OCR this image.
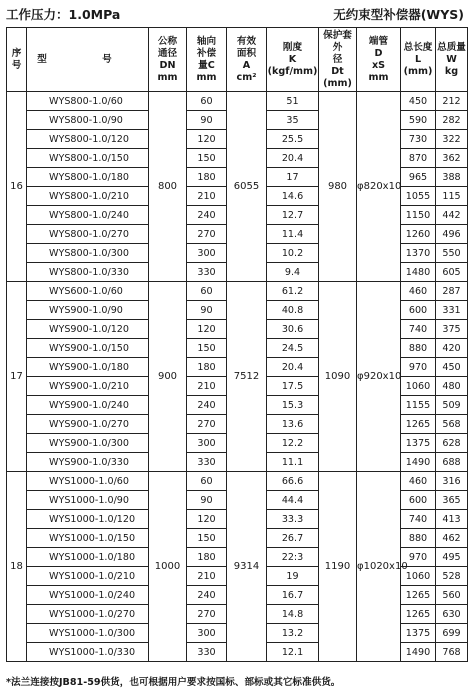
工作压力：1.0MPa	无约束型补偿器(WYS)
序
号	型 号	公称
通径
DN
mm	轴向
补偿
量C
mm	有效
面积
A
cm²	刚度
K
(kgf/mm)	保护套
外
径
Dt
(mm)	端管
D
xS
mm	总长度
L
(mm)	总质量
W
kg

16	WYS800-1.0/60	800	60	6055	51	980	φ820x10	450	212
	WYS800-1.0/90		90		35			590	282
	WYS800-1.0/120		120		25.5			730	322
	WYS800-1.0/150		150		20.4			870	362
	WYS800-1.0/180		180		17			965	388
	WYS800-1.0/210		210		14.6			1055	115
	WYS800-1.0/240		240		12.7			1150	442
	WYS800-1.0/270		270		11.4			1260	496
	WYS800-1.0/300		300		10.2			1370	550
	WYS800-1.0/330		330		9.4			1480	605
17	WYS600-1.0/60	900	60	7512	61.2	1090	φ920x10	460	287
	WYS900-1.0/90		90		40.8			600	331
	WYS900-1.0/120		120		30.6			740	375
	WYS900-1.0/150		150		24.5			880	420
	WYS900-1.0/180		180		20.4			970	450
	WYS900-1.0/210		210		17.5			1060	480
	WYS900-1.0/240		240		15.3			1155	509
	WYS900-1.0/270		270		13.6			1265	568
	WYS900-1.0/300		300		12.2			1375	628
	WYS900-1.0/330		330		11.1			1490	688
18	WYS1000-1.0/60	1000	60	9314	66.6	1190	φ1020x10	460	316
	WYS1000-1.0/90		90		44.4			600	365
	WYS1000-1.0/120		120		33.3			740	413
	WYS1000-1.0/150		150		26.7			880	462
	WYS1000-1.0/180		180		22:3			970	495
	WYS1000-1.0/210		210		19			1060	528
	WYS1000-1.0/240		240		16.7			1265	560
	WYS1000-1.0/270		270		14.8			1265	630
	WYS1000-1.0/300		300		13.2			1375	699
	WYS1000-1.0/330		330		12.1			1490	768
*法兰连接按JB81-59供货，也可根据用户要求按国标、部标或其它标准供货。
